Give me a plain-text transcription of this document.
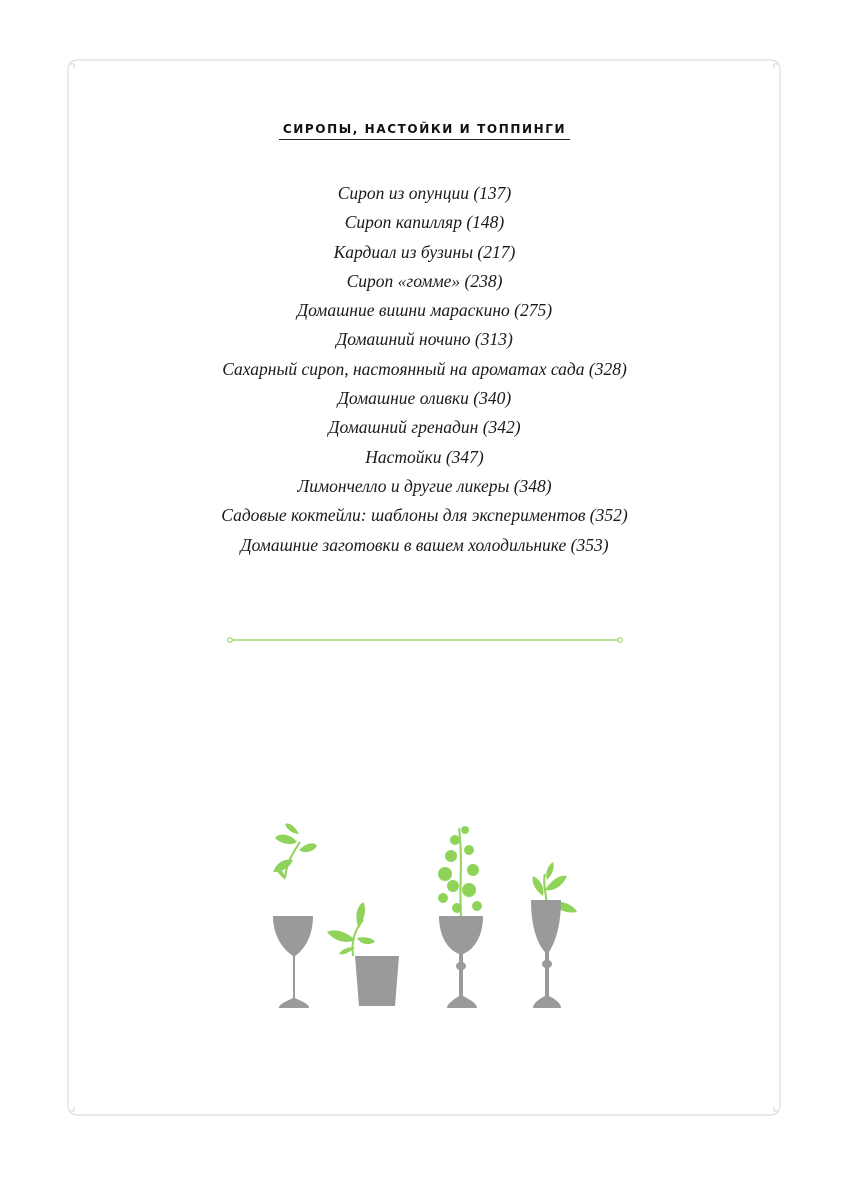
СИРОПЫ, НАСТОЙКИ И ТОППИНГИ
Сироп из опунции (137)
Сироп капилляр (148)
Кардиал из бузины (217)
Сироп «гомме» (238)
Домашние вишни мараскино (275)
Домашний ночино (313)
Сахарный сироп, настоянный на ароматах сада (328)
Домашние оливки (340)
Домашний гренадин (342)
Настойки (347)
Лимончелло и другие ликеры (348)
Садовые коктейли: шаблоны для экспериментов (352)
Домашние заготовки в вашем холодильнике (353)
